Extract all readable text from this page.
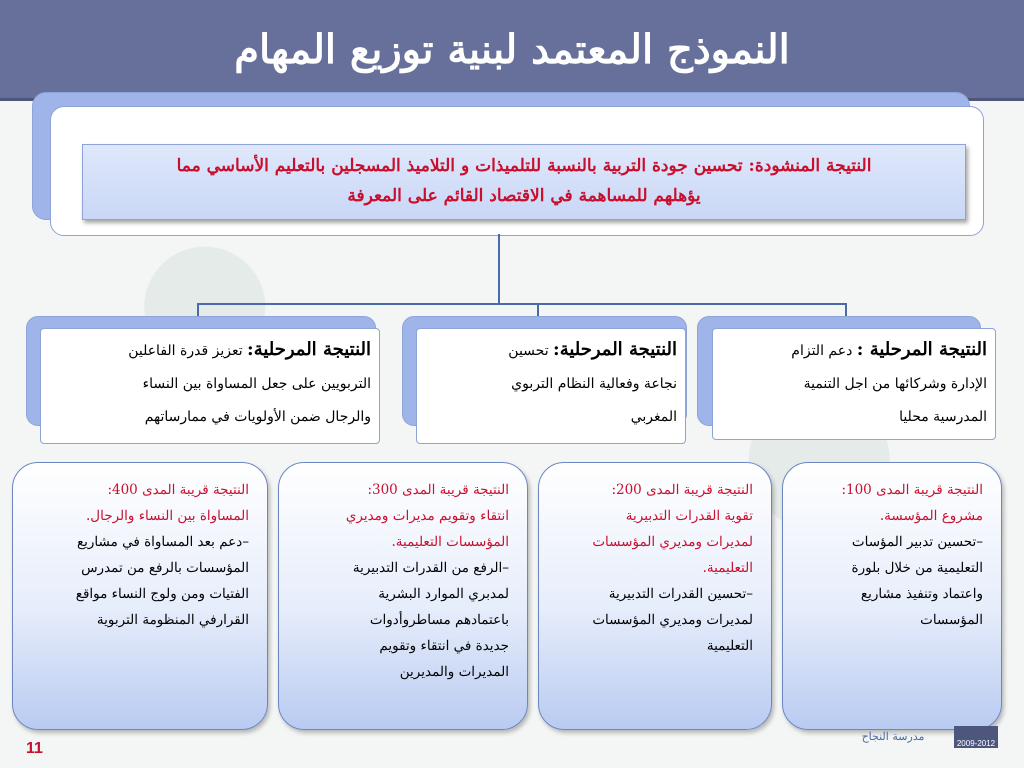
النموذج المعتمد لبنية توزيع المهام
النتيجة المنشودة: تحسين جودة التربية بالنسبة للتلميذات و التلاميذ المسجلين بالتعليم الأساسي مما
يؤهلهم للمساهمة في الاقتصاد القائم على المعرفة
النتيجة المرحلية : دعم التزام
الإدارة وشركائها من اجل التنمية
المدرسية محليا
النتيجة المرحلية: تحسين
نجاعة وفعالية النظام التربوي
المغربي
النتيجة المرحلية: تعزيز قدرة الفاعلين
التربويين على جعل المساواة بين النساء
والرجال ضمن الأولويات في ممارساتهم

النتيجة قريبة المدى 100:

مشروع المؤسسة.

–تحسين تدبير المؤسات

التعليمية من خلال بلورة

واعتماد وتنفيذ مشاريع

المؤسسات

النتيجة قريبة المدى 200:

تقوية القدرات التدبيرية

لمديرات ومديري المؤسسات

التعليمية.

–تحسين القدرات التدبيرية

لمديرات ومديري المؤسسات

التعليمية

النتيجة قريبة المدى 300:

انتقاء وتقويم مديرات ومديري

المؤسسات التعليمية.

–الرفع من القدرات التدبيرية

لمدبري الموارد البشرية

باعتمادهم مساطروأدوات

جديدة في انتقاء وتقويم

المديرات والمديرين

النتيجة قريبة المدى 400:

المساواة بين النساء والرجال.

–دعم بعد المساواة في مشاريع

المؤسسات بالرفع من تمدرس

الفتيات ومن ولوج النساء مواقع

القرارفي المنظومة التربوية

11
مدرسة النجاح
2009-2012
